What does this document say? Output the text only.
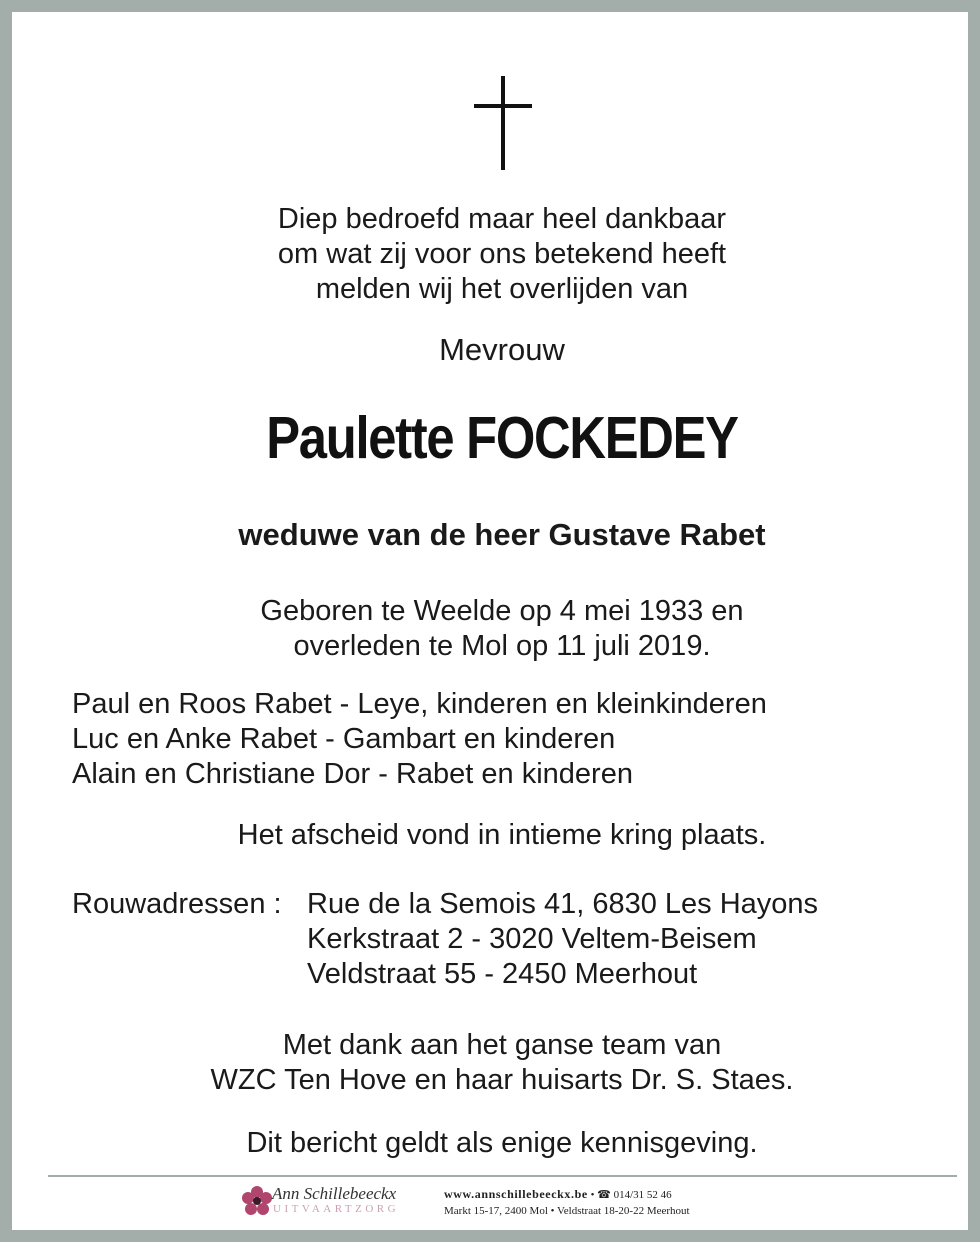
Diep bedroefd maar heel dankbaar
om wat zij voor ons betekend heeft
melden wij het overlijden van
Mevrouw
Paulette FOCKEDEY
weduwe van de heer Gustave Rabet
Geboren te Weelde op 4 mei 1933 en
overleden te Mol op 11 juli 2019.
Paul en Roos Rabet - Leye, kinderen en kleinkinderen
Luc en Anke Rabet - Gambart en kinderen
Alain en Christiane Dor - Rabet en kinderen
Het afscheid vond in intieme kring plaats.
Rouwadressen : Rue de la Semois 41, 6830 Les Hayons
Kerkstraat 2 - 3020 Veltem-Beisem
Veldstraat 55 - 2450 Meerhout
Met dank aan het ganse team van
WZC Ten Hove en haar huisarts Dr. S. Staes.
Dit bericht geldt als enige kennisgeving.
Ann Schillebeeckx
UITVAARTZORG
www.annschillebeeckx.be • ☎ 014/31 52 46
Markt 15-17, 2400 Mol • Veldstraat 18-20-22 Meerhout
